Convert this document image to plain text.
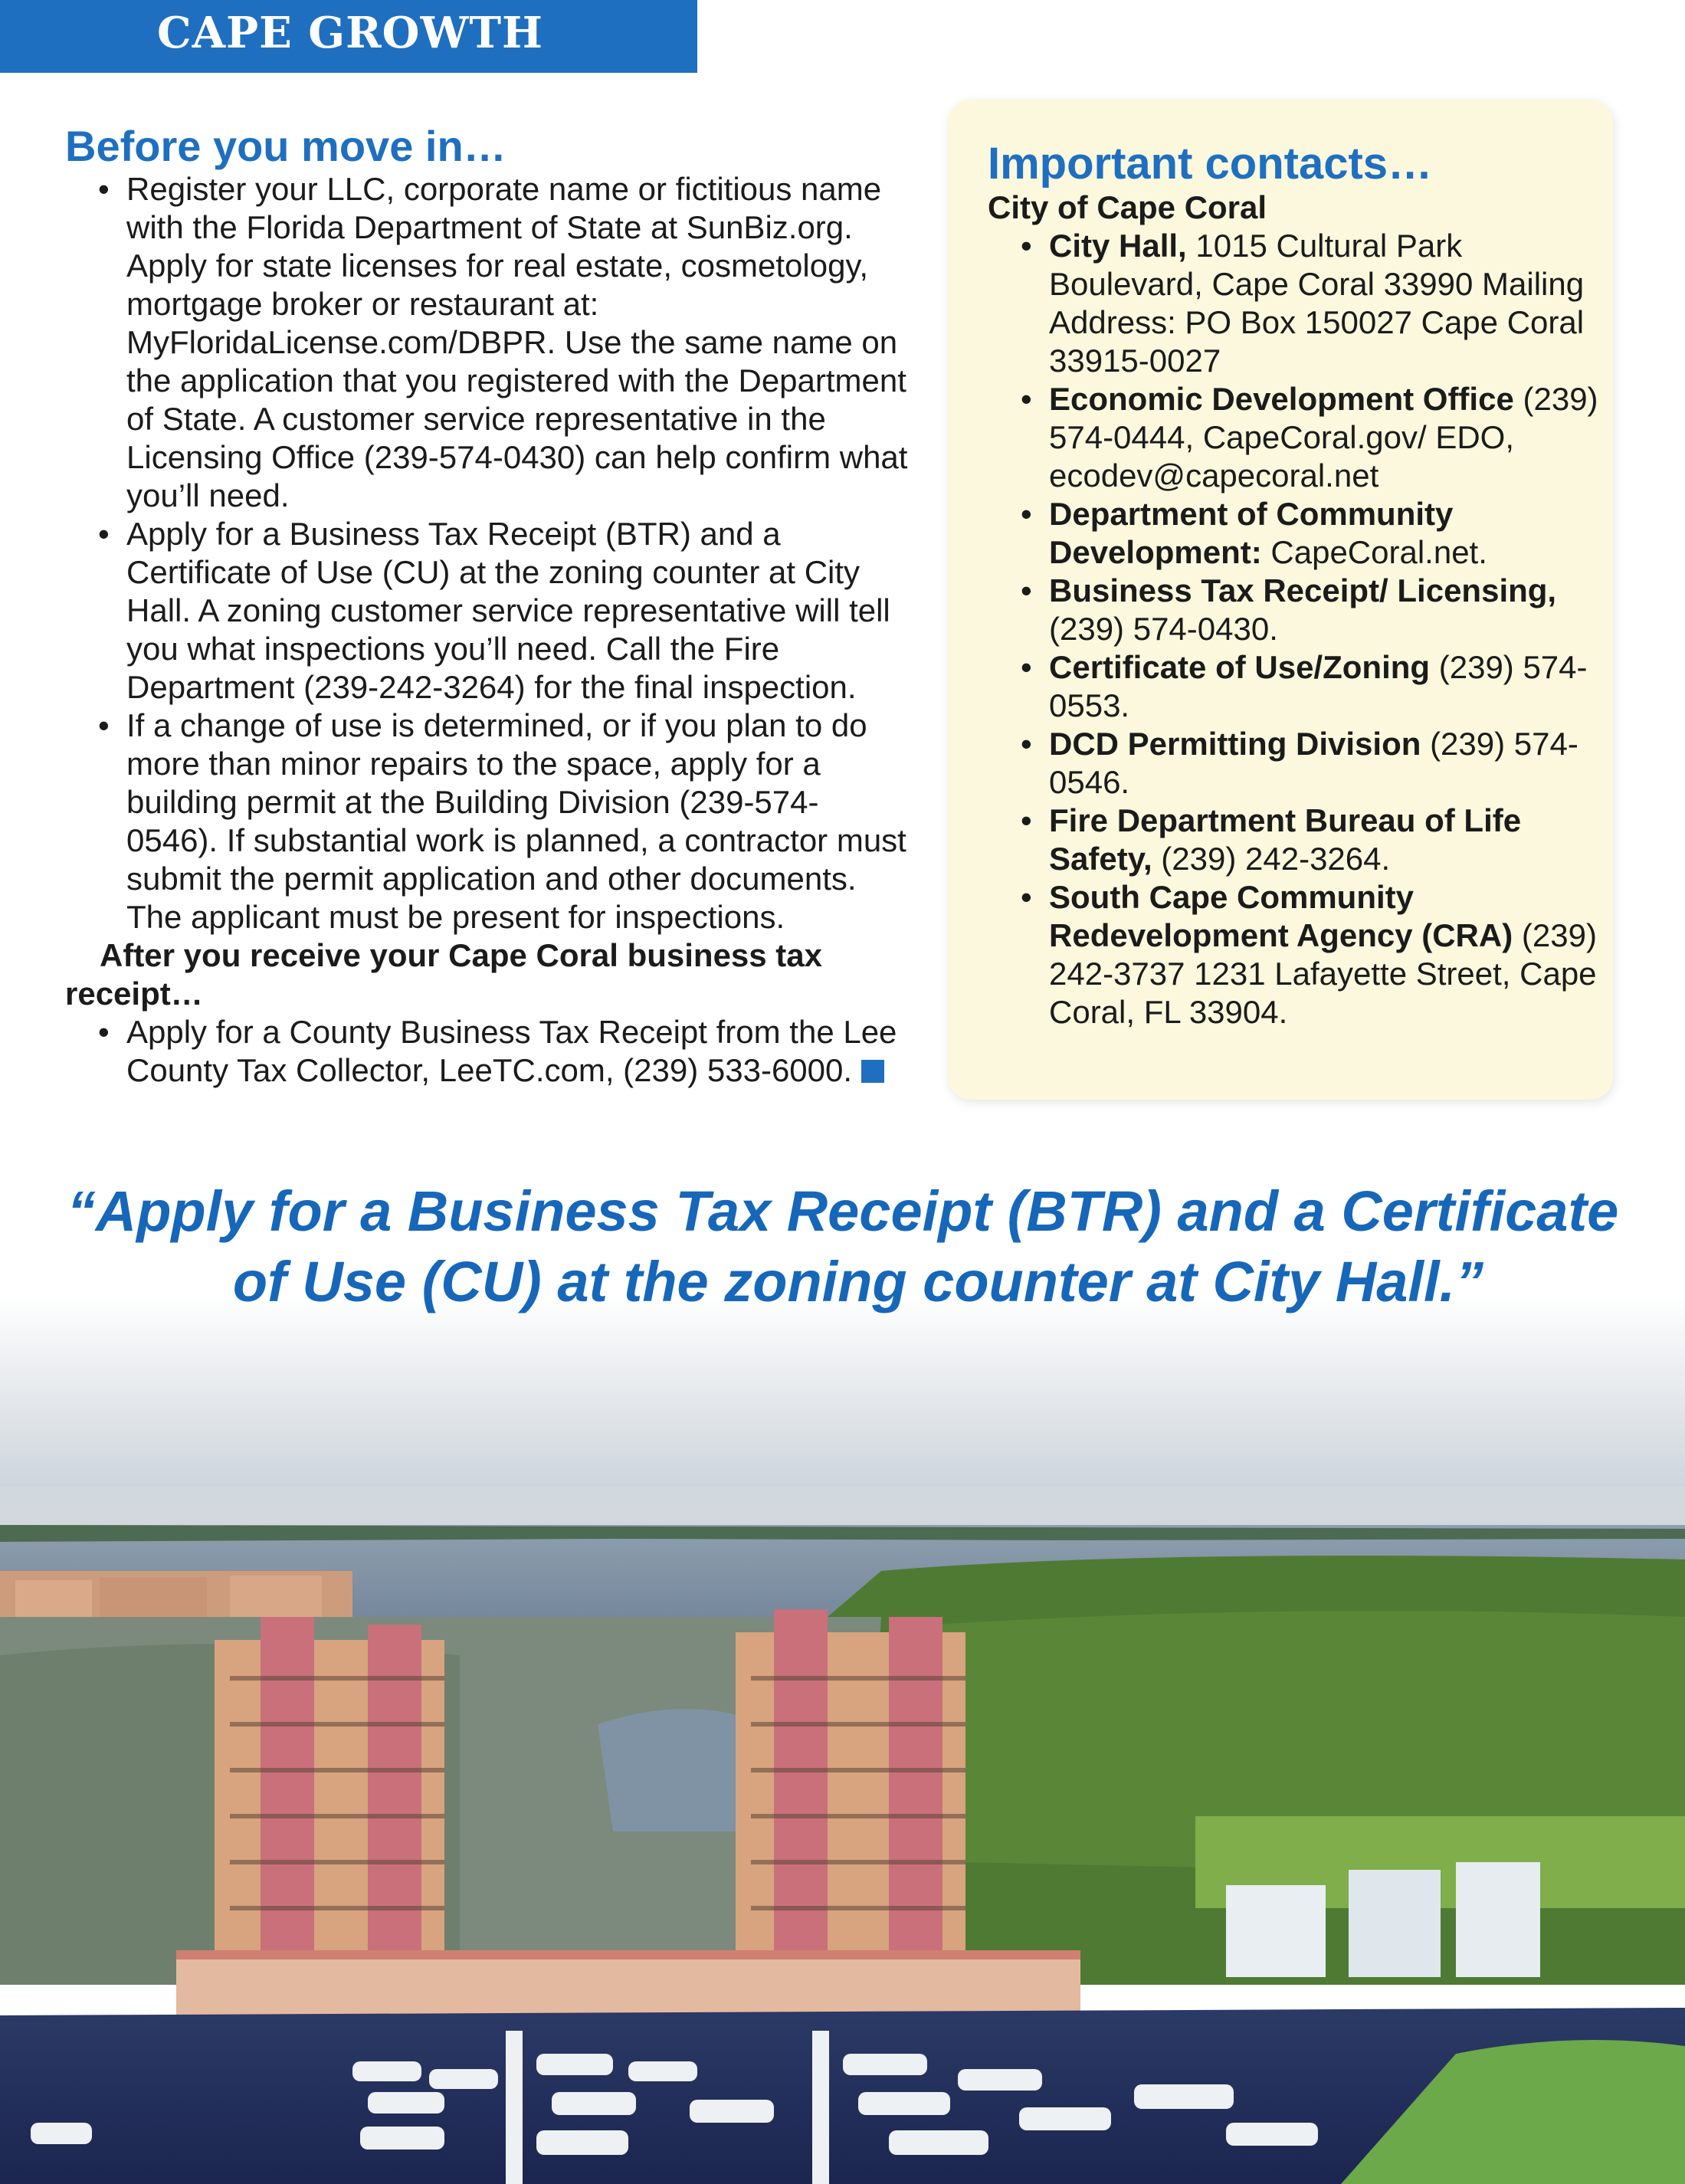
CAPE GROWTH
Before you move in…

• Register your LLC, corporate name or fictitious name with the Florida Department of State at SunBiz.org. Apply for state licenses for real estate, cosmetology, mortgage broker or restaurant at: MyFloridaLicense.com/DBPR. Use the same name on the application that you registered with the Department of State. A customer service representative in the Licensing Office (239-574-0430) can help confirm what you’ll need.

• Apply for a Business Tax Receipt (BTR) and a Certificate of Use (CU) at the zoning counter at City Hall. A zoning customer service representative will tell you what inspections you’ll need. Call the Fire Department (239-242-3264) for the final inspection.

• If a change of use is determined, or if you plan to do more than minor repairs to the space, apply for a building permit at the Building Division (239-574-0546). If substantial work is planned, a contractor must submit the permit application and other documents. The applicant must be present for inspections.

After you receive your Cape Coral business tax receipt…

• Apply for a County Business Tax Receipt from the Lee County Tax Collector, LeeTC.com, (239) 533-6000.

Important contacts…

City of Cape Coral

• City Hall, 1015 Cultural Park Boulevard, Cape Coral 33990 Mailing Address: PO Box 150027 Cape Coral 33915-0027

• Economic Development Office (239) 574-0444, CapeCoral.gov/ EDO, ecodev@capecoral.net

• Department of Community Development: CapeCoral.net.

• Business Tax Receipt/ Licensing, (239) 574-0430.

• Certificate of Use/Zoning (239) 574-0553.

• DCD Permitting Division (239) 574-0546.

• Fire Department Bureau of Life Safety, (239) 242-3264.

• South Cape Community Redevelopment Agency (CRA) (239) 242-3737 1231 Lafayette Street, Cape Coral, FL 33904.

“Apply for a Business Tax Receipt (BTR) and a Certificate
of Use (CU) at the zoning counter at City Hall.”
